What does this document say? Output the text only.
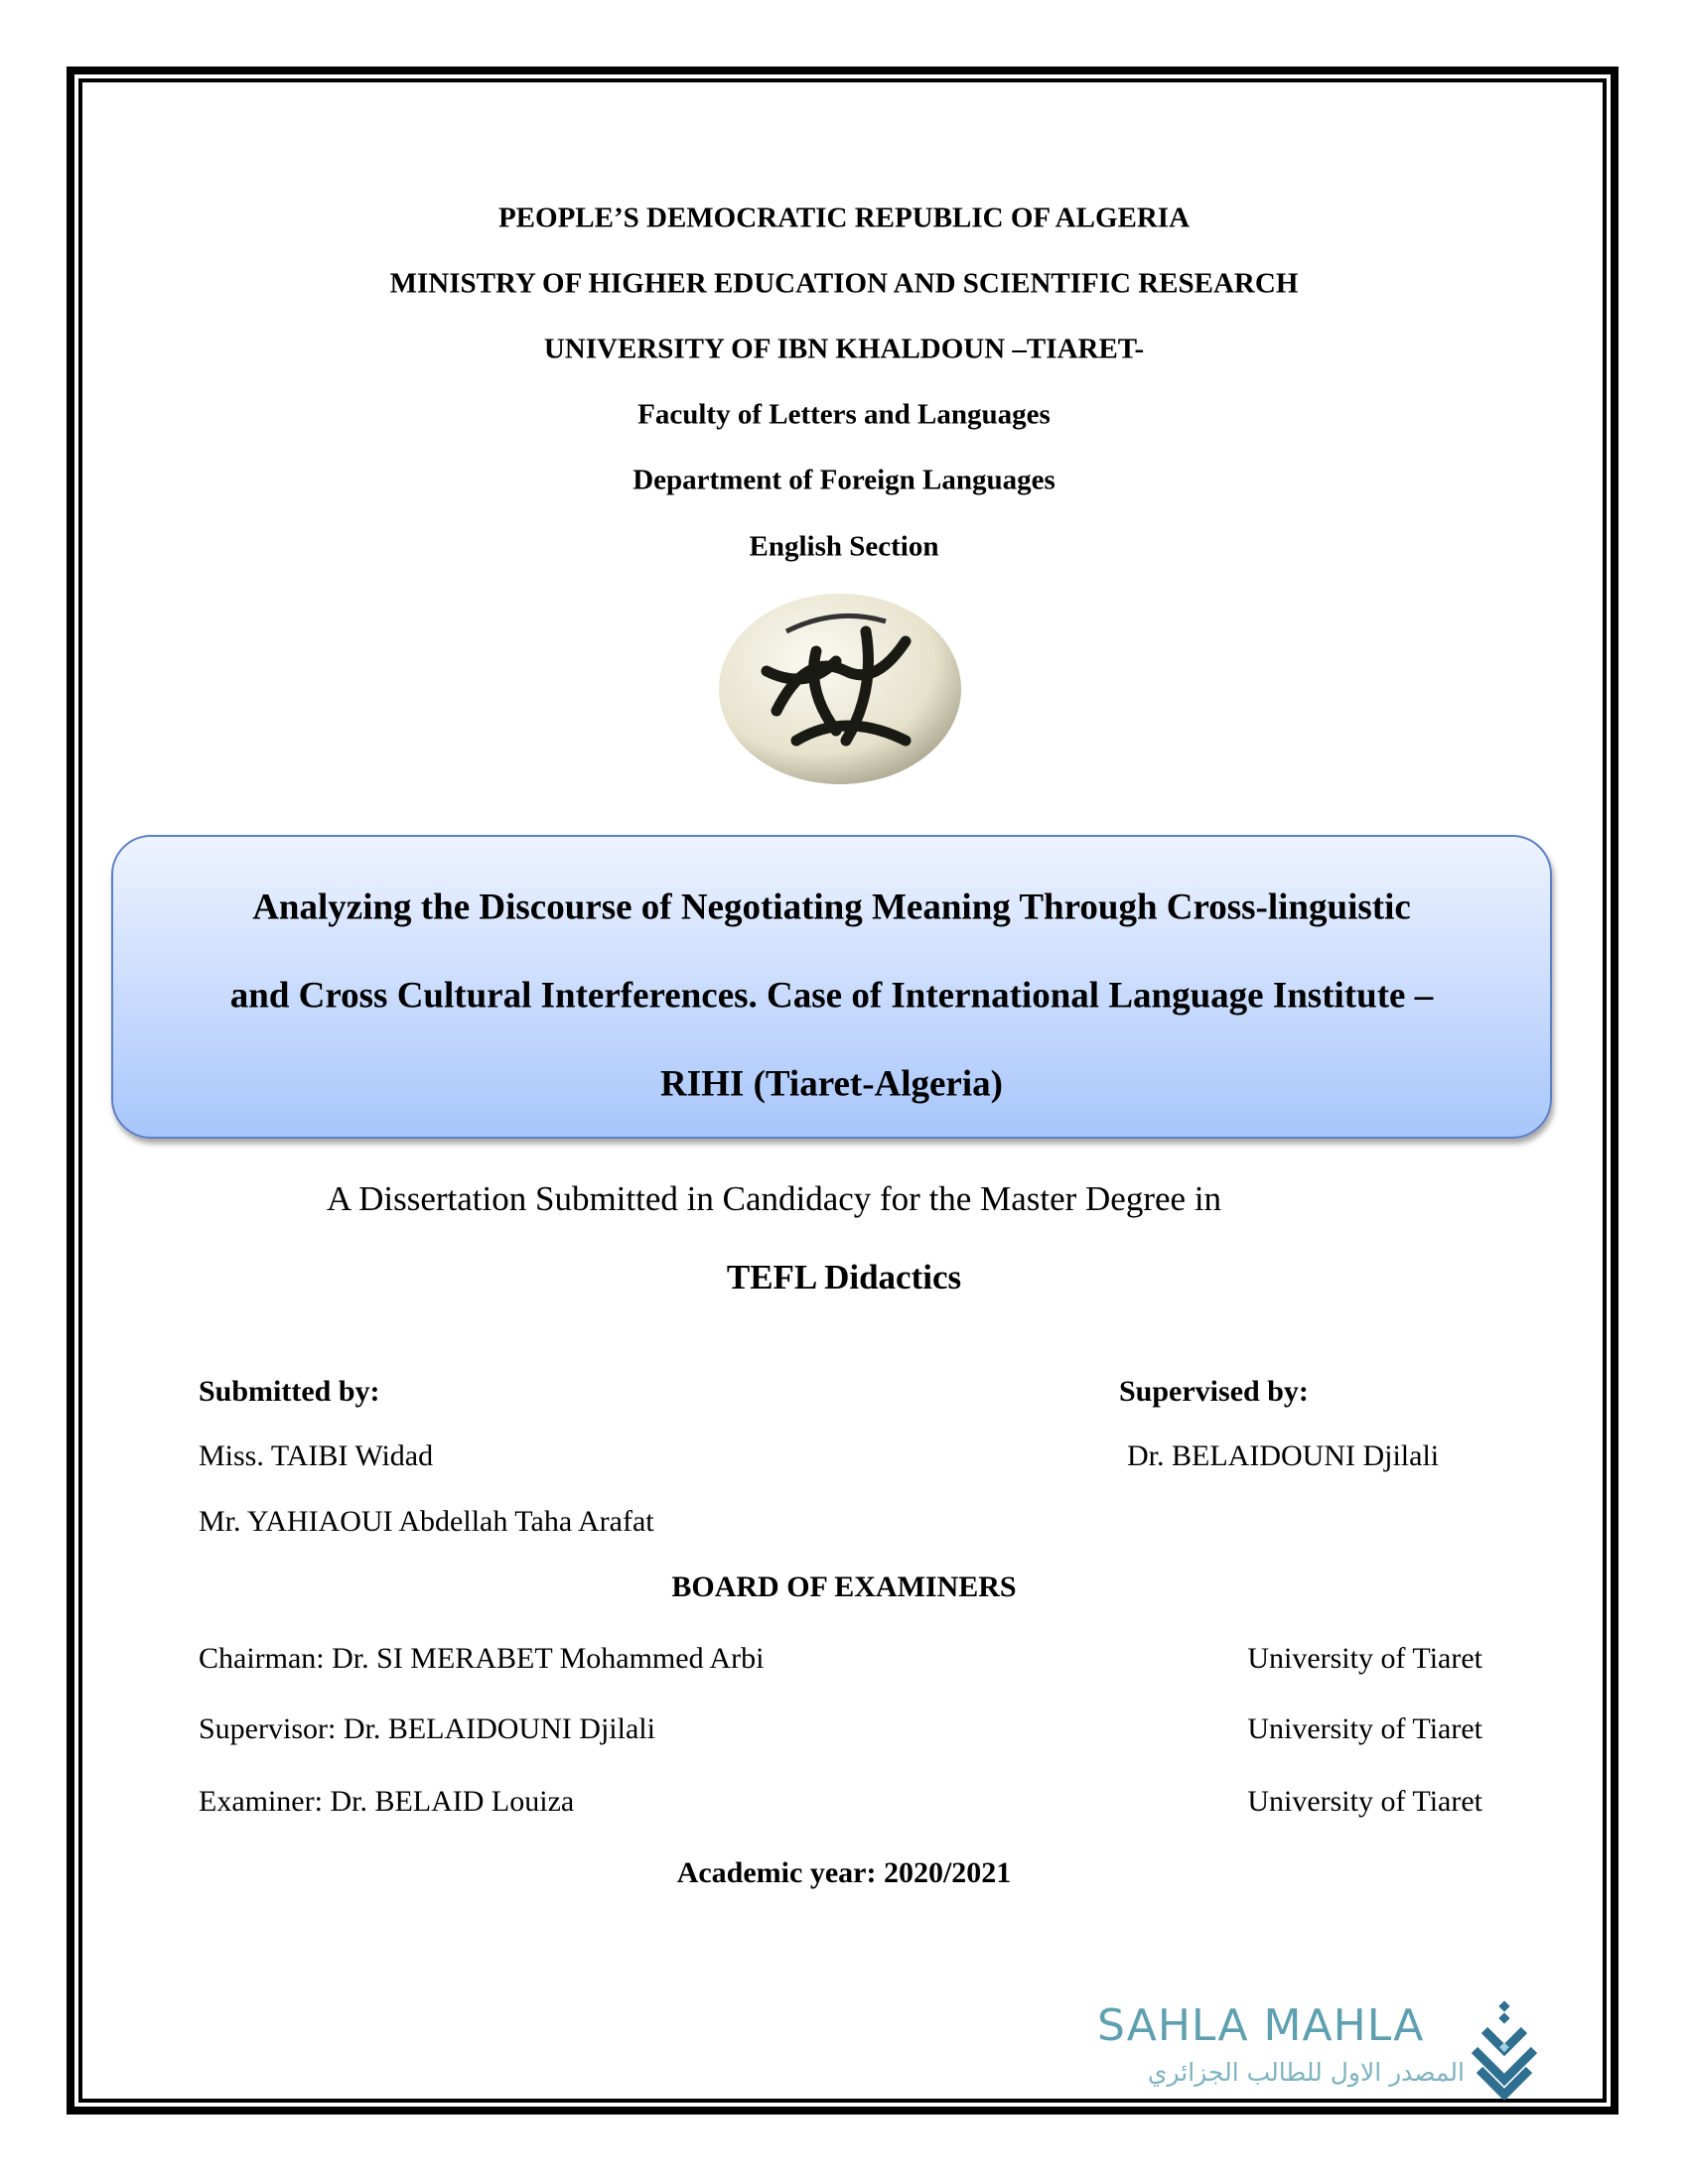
PEOPLE’S DEMOCRATIC REPUBLIC OF ALGERIA
MINISTRY OF HIGHER EDUCATION AND SCIENTIFIC RESEARCH
UNIVERSITY OF IBN KHALDOUN –TIARET-
Faculty of Letters and Languages
Department of Foreign Languages
English Section
Analyzing the Discourse of Negotiating Meaning Through Cross-linguistic
and Cross Cultural Interferences. Case of International Language Institute –
RIHI (Tiaret-Algeria)
A Dissertation Submitted in Candidacy for the Master Degree in
TEFL Didactics
Submitted by:	Supervised by:
Miss. TAIBI Widad	Dr. BELAIDOUNI Djilali
Mr. YAHIAOUI Abdellah Taha Arafat
BOARD OF EXAMINERS
Chairman: Dr. SI MERABET Mohammed Arbi	University of Tiaret
Supervisor: Dr. BELAIDOUNI Djilali	University of Tiaret
Examiner: Dr. BELAID Louiza	University of Tiaret
Academic year: 2020/2021
SAHLA MAHLA
المصدر الاول للطالب الجزائري
